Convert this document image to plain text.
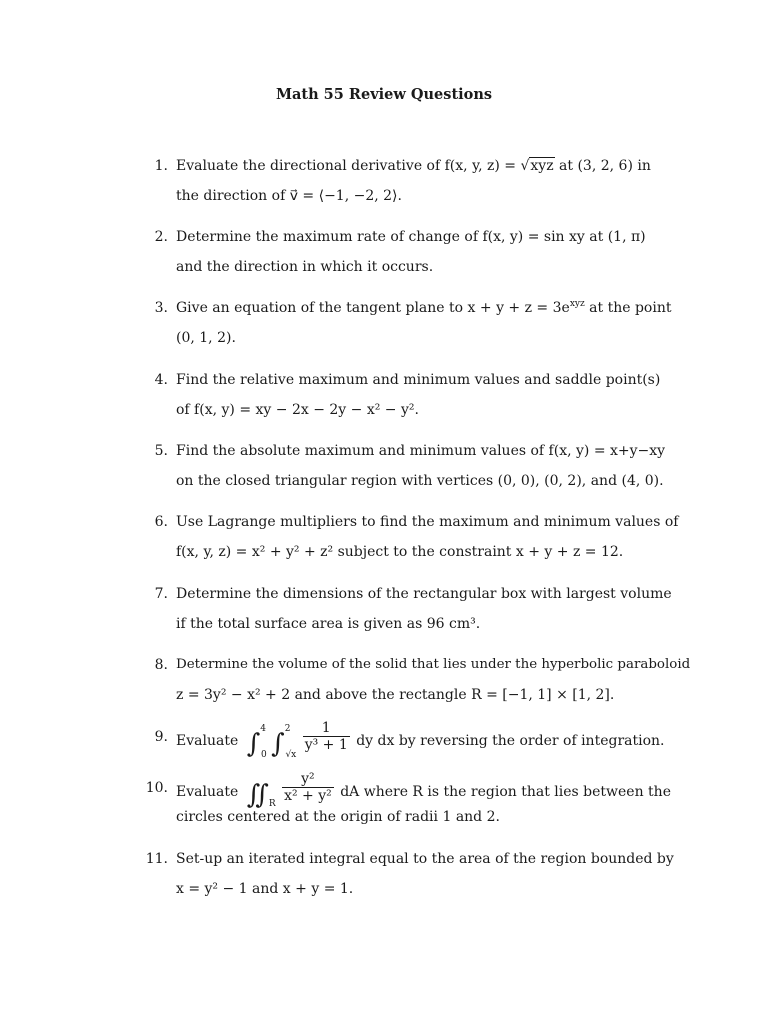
Math 55 Review Questions
1. Evaluate the directional derivative of f(x, y, z) = √xyz at (3, 2, 6) in
the direction of v⃗ = ⟨−1, −2, 2⟩.
2. Determine the maximum rate of change of f(x, y) = sin xy at (1, π)
and the direction in which it occurs.
3. Give an equation of the tangent plane to $x + y + z = 3e^{xyz}$ at the point
(0, 1, 2).
4. Find the relative maximum and minimum values and saddle point(s)
of f(x, y) = xy − 2x − 2y − x² − y².
5. Find the absolute maximum and minimum values of f(x, y) = x+y−xy
on the closed triangular region with vertices (0, 0), (0, 2), and (4, 0).
6. Use Lagrange multipliers to find the maximum and minimum values of
f(x, y, z) = x² + y² + z² subject to the constraint x + y + z = 12.
7. Determine the dimensions of the rectangular box with largest volume
if the total surface area is given as 96 cm³.
8. Determine the volume of the solid that lies under the hyperbolic paraboloid
z = 3y² − x² + 2 and above the rectangle R = [−1, 1] × [1, 2].
9. Evaluate ∫$^4_0$ ∫$^2_{√x}$
$\frac{1}{\text{y³ + 1}}$ dy dx by reversing the order of integration.
10. Evaluate $∬_R$
$\frac{\text{y²}}{\text{x² + y²}}$ dA where R is the region that lies between the
circles centered at the origin of radii 1 and 2.
11. Set-up an iterated integral equal to the area of the region bounded by
x = y² − 1 and x + y = 1.
